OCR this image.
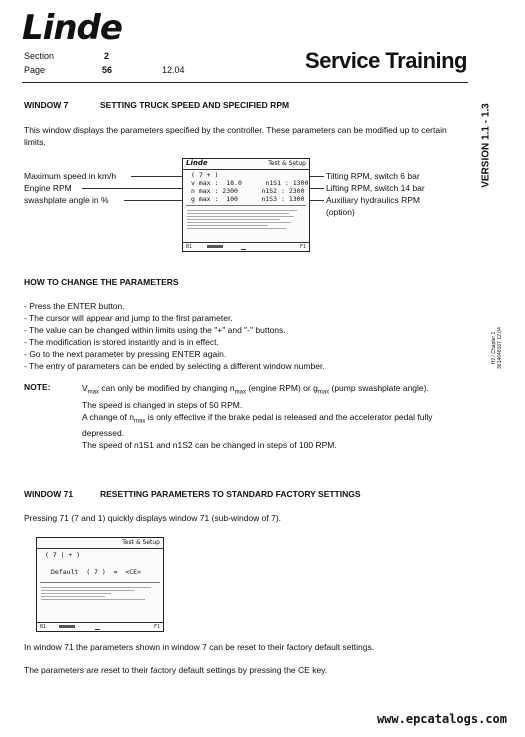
Linde
Section	2
Page	56	12.04	Service Training
VERSION 1.1 - 1.3
H2 / Chapter 1
3614648167 12.04
WINDOW 7	SETTING TRUCK SPEED AND SPECIFIED RPM
This window displays the parameters specified by the controller. These parameters can be modified up to certain limits.
Maximum speed in km/h
Engine RPM
swashplate angle in %
Tilting RPM, switch 6 bar
Lifting RPM, switch 14 bar
Auxiliary hydraulics RPM
(option)
Linde	Test & Setup
( 7 + )
v max :  18.0      n1S1 : 1300
n max : 2300      n1S2 : 2300
g max :  100      n1S3 : 1300
B1	F1
HOW TO CHANGE THE PARAMETERS
- Press the ENTER button.
- The cursor will appear and jump to the first parameter.
- The value can be changed within limits using the "+" and "-" buttons.
- The modification is stored instantly and is in effect.
- Go to the next parameter by pressing ENTER again.
- The entry of parameters can be ended by selecting a different window number.
NOTE:	$V_{max}$ can only be modified by changing $n_{max}$ (engine RPM) or $g_{max}$ (pump swashplate angle).
The speed is changed in steps of 50 RPM.
A change of $n_{max}$ is only effective if the brake pedal is released and the accelerator pedal fully
depressed.
The speed of n1S1 and n1S2 can be changed in steps of 100 RPM.
WINDOW 71	RESETTING PARAMETERS TO STANDARD FACTORY SETTINGS
Pressing 71 (7 and 1) quickly displays window 71 (sub-window of 7).
Test & Setup
( 7 | + )
Default  ( 7 )  =  <CE>
B1	F1
In window 71 the parameters shown in window 7 can be reset to their factory default settings.
The parameters are reset to their factory default settings by pressing the CE key.
www.epcatalogs.com
